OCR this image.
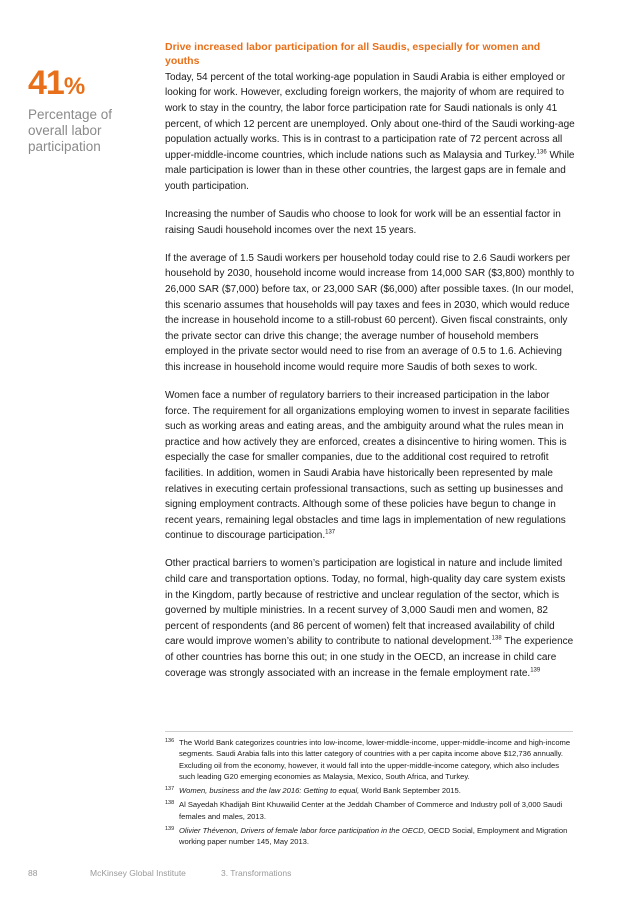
41%
Percentage of
overall labor
participation
Drive increased labor participation for all Saudis, especially for women and youths

Today, 54 percent of the total working-age population in Saudi Arabia is either employed or looking for work. However, excluding foreign workers, the majority of whom are required to work to stay in the country, the labor force participation rate for Saudi nationals is only 41 percent, of which 12 percent are unemployed. Only about one-third of the Saudi working-age population actually works. This is in contrast to a participation rate of 72 percent across all upper-middle-income countries, which include nations such as Malaysia and Turkey.$^{136}$ While male participation is lower than in these other countries, the largest gaps are in female and youth participation.

Increasing the number of Saudis who choose to look for work will be an essential factor in raising Saudi household incomes over the next 15 years.

If the average of 1.5 Saudi workers per household today could rise to 2.6 Saudi workers per household by 2030, household income would increase from 14,000 SAR ($3,800) monthly to 26,000 SAR ($7,000) before tax, or 23,000 SAR ($6,000) after possible taxes. (In our model, this scenario assumes that households will pay taxes and fees in 2030, which would reduce the increase in household income to a still-robust 60 percent). Given fiscal constraints, only the private sector can drive this change; the average number of household members employed in the private sector would need to rise from an average of 0.5 to 1.6. Achieving this increase in household income would require more Saudis of both sexes to work.

Women face a number of regulatory barriers to their increased participation in the labor force. The requirement for all organizations employing women to invest in separate facilities such as working areas and eating areas, and the ambiguity around what the rules mean in practice and how actively they are enforced, creates a disincentive to hiring women. This is especially the case for smaller companies, due to the additional cost required to retrofit facilities. In addition, women in Saudi Arabia have historically been represented by male relatives in executing certain professional transactions, such as setting up businesses and signing employment contracts. Although some of these policies have begun to change in recent years, remaining legal obstacles and time lags in implementation of new regulations continue to discourage participation.$^{137}$

Other practical barriers to women’s participation are logistical in nature and include limited child care and transportation options. Today, no formal, high-quality day care system exists in the Kingdom, partly because of restrictive and unclear regulation of the sector, which is governed by multiple ministries. In a recent survey of 3,000 Saudi men and women, 82 percent of respondents (and 86 percent of women) felt that increased availability of child care would improve women’s ability to contribute to national development.$^{138}$ The experience of other countries has borne this out; in one study in the OECD, an increase in child care coverage was strongly associated with an increase in the female employment rate.$^{139}$

136 The World Bank categorizes countries into low-income, lower-middle-income, upper-middle-income and high-income segments. Saudi Arabia falls into this latter category of countries with a per capita income above $12,736 annually. Excluding oil from the economy, however, it would fall into the upper-middle-income category, which also includes such leading G20 emerging economies as Malaysia, Mexico, South Africa, and Turkey.
137 Women, business and the law 2016: Getting to equal, World Bank September 2015.
138 Al Sayedah Khadijah Bint Khuwailid Center at the Jeddah Chamber of Commerce and Industry poll of 3,000 Saudi females and males, 2013.
139 Olivier Thévenon, Drivers of female labor force participation in the OECD, OECD Social, Employment and Migration working paper number 145, May 2013.
88	McKinsey Global Institute	3. Transformations
